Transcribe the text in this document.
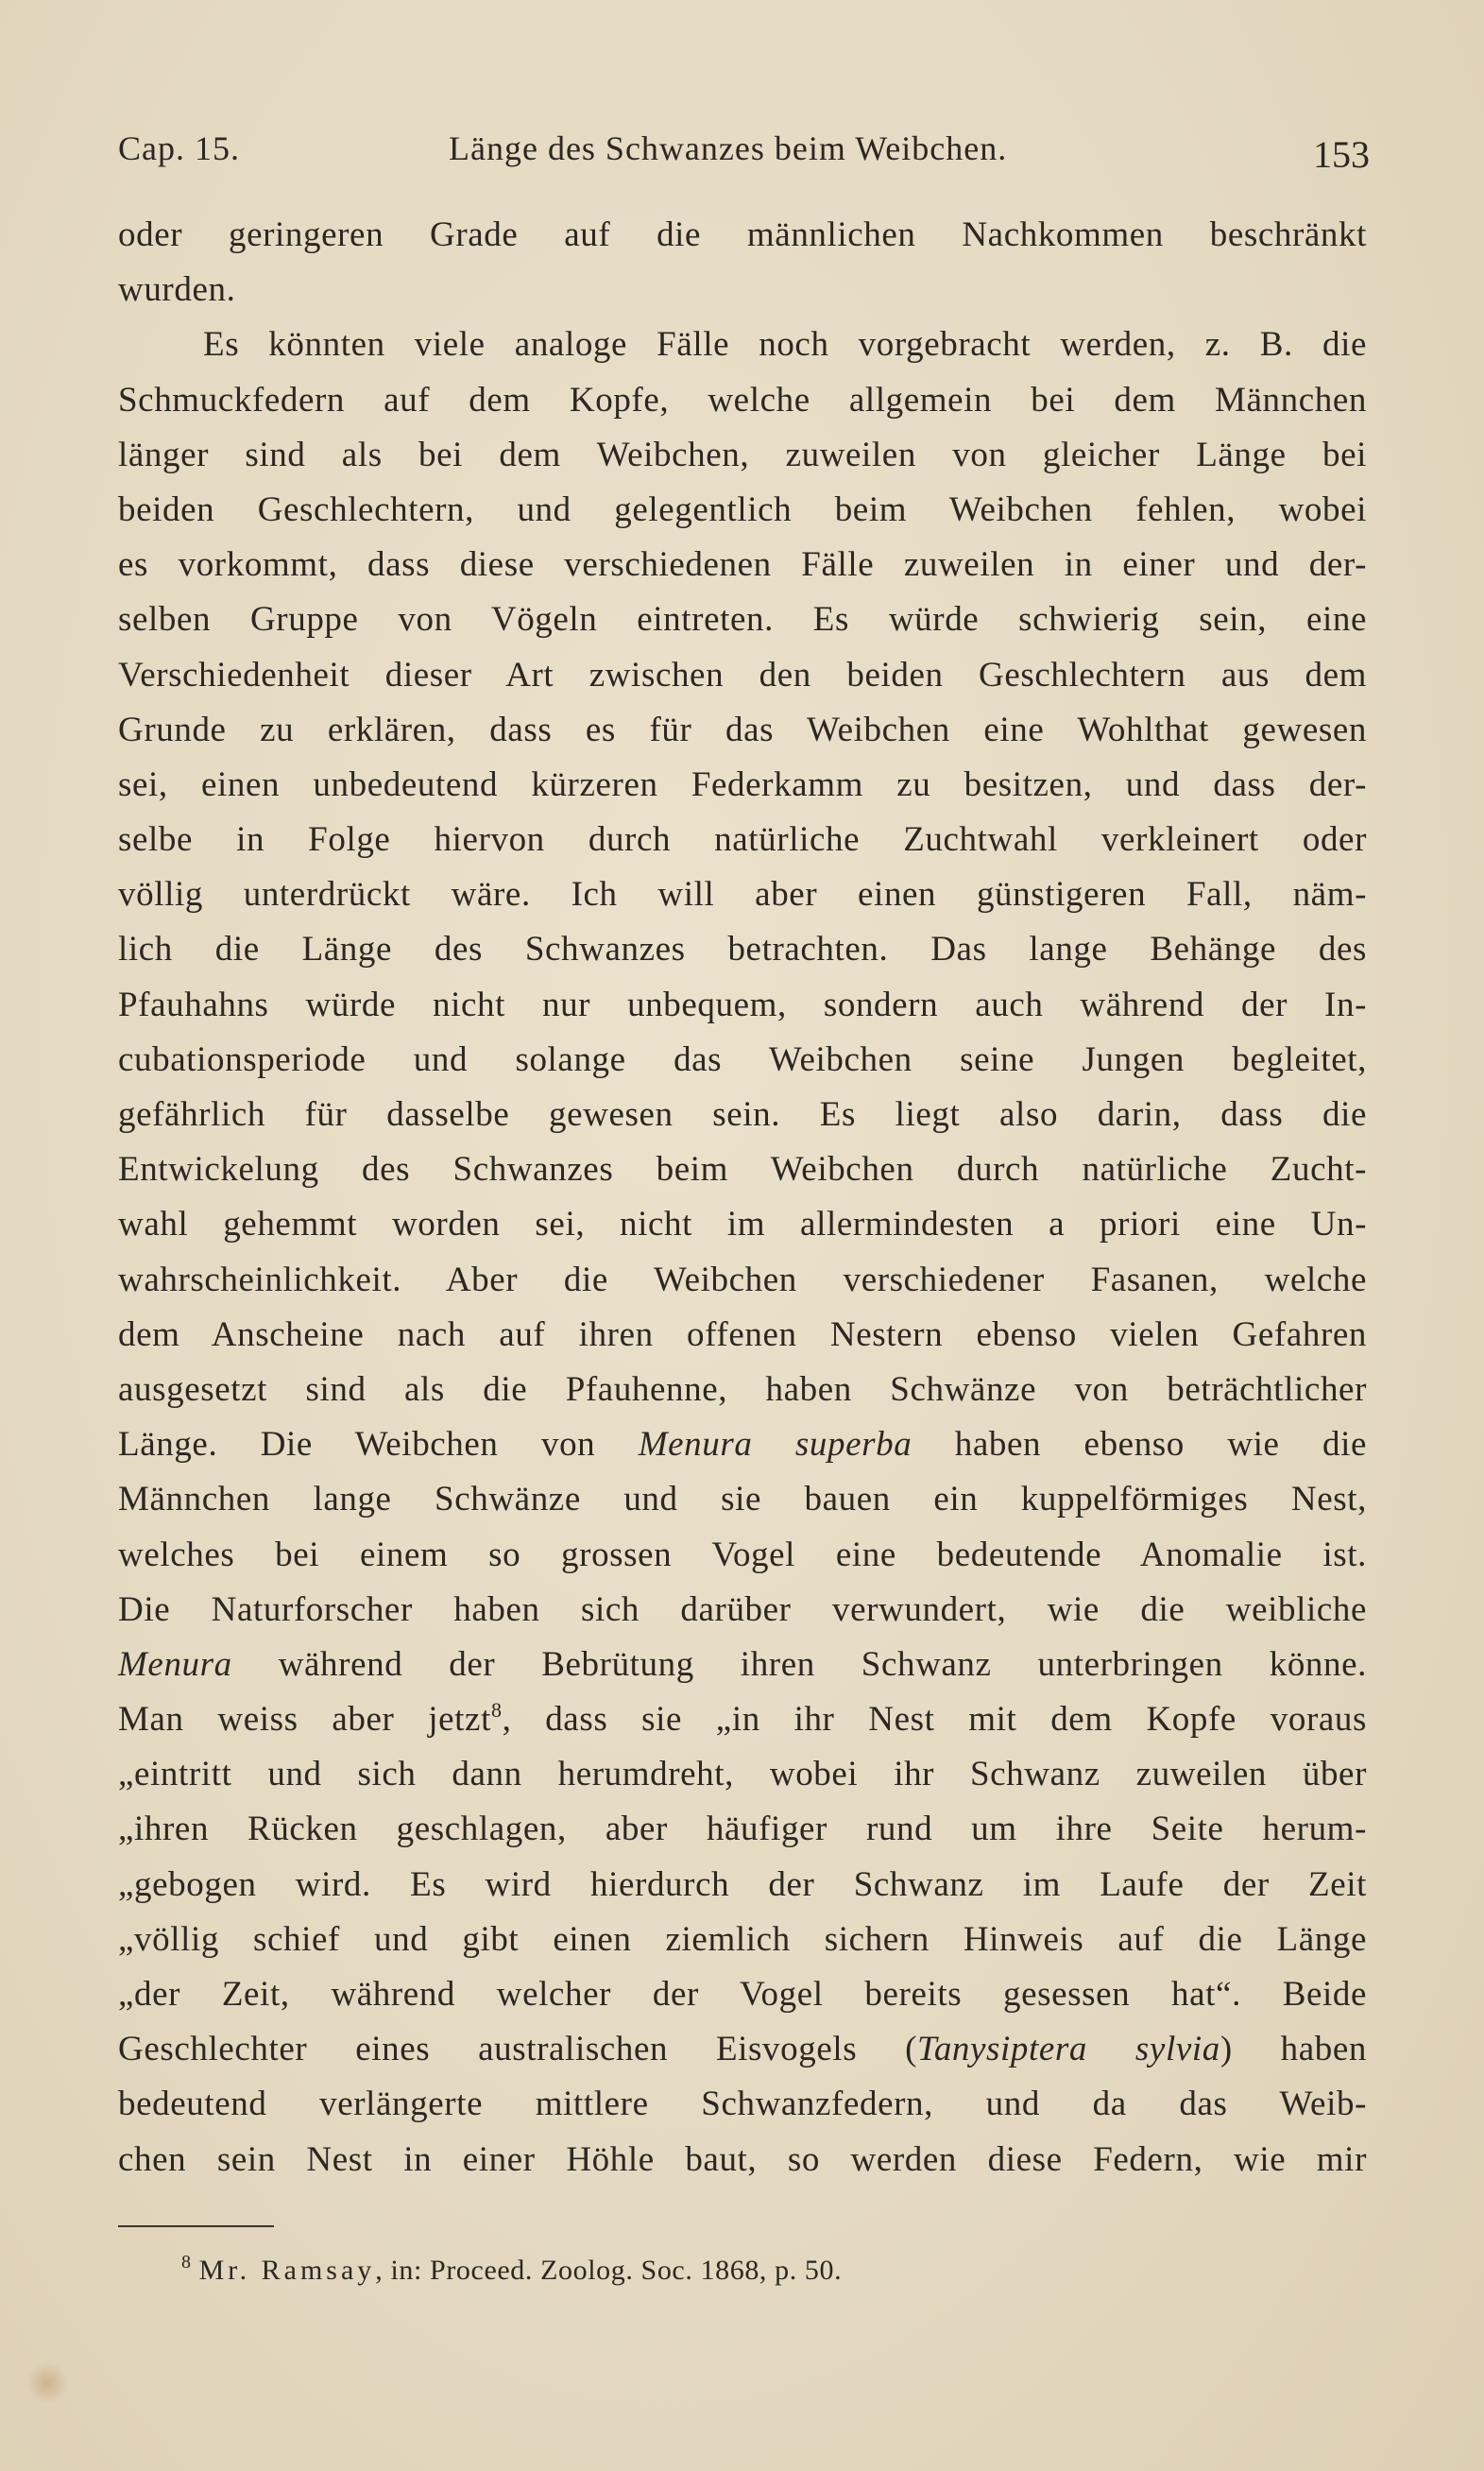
Cap. 15.	Länge des Schwanzes beim Weibchen.	153
oder geringeren Grade auf die männlichen Nachkommen beschränkt
wurden.
Es könnten viele analoge Fälle noch vorgebracht werden, z. B. die
Schmuckfedern auf dem Kopfe, welche allgemein bei dem Männchen
länger sind als bei dem Weibchen, zuweilen von gleicher Länge bei
beiden Geschlechtern, und gelegentlich beim Weibchen fehlen, wobei
es vorkommt, dass diese verschiedenen Fälle zuweilen in einer und der-
selben Gruppe von Vögeln eintreten. Es würde schwierig sein, eine
Verschiedenheit dieser Art zwischen den beiden Geschlechtern aus dem
Grunde zu erklären, dass es für das Weibchen eine Wohlthat gewesen
sei, einen unbedeutend kürzeren Federkamm zu besitzen, und dass der-
selbe in Folge hiervon durch natürliche Zuchtwahl verkleinert oder
völlig unterdrückt wäre. Ich will aber einen günstigeren Fall, näm-
lich die Länge des Schwanzes betrachten. Das lange Behänge des
Pfauhahns würde nicht nur unbequem, sondern auch während der In-
cubationsperiode und solange das Weibchen seine Jungen begleitet,
gefährlich für dasselbe gewesen sein. Es liegt also darin, dass die
Entwickelung des Schwanzes beim Weibchen durch natürliche Zucht-
wahl gehemmt worden sei, nicht im allermindesten a priori eine Un-
wahrscheinlichkeit. Aber die Weibchen verschiedener Fasanen, welche
dem Anscheine nach auf ihren offenen Nestern ebenso vielen Gefahren
ausgesetzt sind als die Pfauhenne, haben Schwänze von beträchtlicher
Länge. Die Weibchen von Menura superba haben ebenso wie die
Männchen lange Schwänze und sie bauen ein kuppelförmiges Nest,
welches bei einem so grossen Vogel eine bedeutende Anomalie ist.
Die Naturforscher haben sich darüber verwundert, wie die weibliche
Menura während der Bebrütung ihren Schwanz unterbringen könne.
Man weiss aber jetzt$^8$, dass sie „in ihr Nest mit dem Kopfe voraus
„eintritt und sich dann herumdreht, wobei ihr Schwanz zuweilen über
„ihren Rücken geschlagen, aber häufiger rund um ihre Seite herum-
„gebogen wird. Es wird hierdurch der Schwanz im Laufe der Zeit
„völlig schief und gibt einen ziemlich sichern Hinweis auf die Länge
„der Zeit, während welcher der Vogel bereits gesessen hat“. Beide
Geschlechter eines australischen Eisvogels (Tanysiptera sylvia) haben
bedeutend verlängerte mittlere Schwanzfedern, und da das Weib-
chen sein Nest in einer Höhle baut, so werden diese Federn, wie mir
$^8$ Mr. Ramsay, in: Proceed. Zoolog. Soc. 1868, p. 50.
